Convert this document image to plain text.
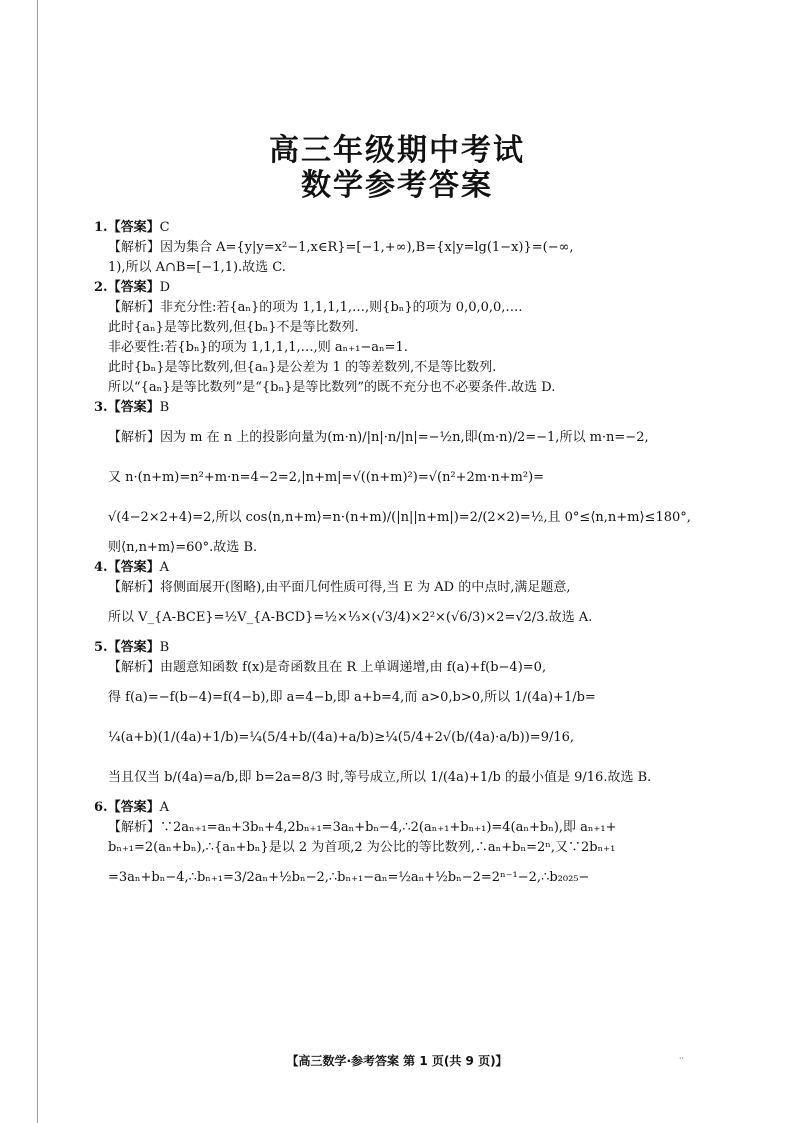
高三年级期中考试
数学参考答案
1.【答案】C
【解析】因为集合 A={y|y=x²−1,x∈R}=[−1,+∞),B={x|y=lg(1−x)}=(−∞,
1),所以 A∩B=[−1,1).故选 C.
2.【答案】D
【解析】非充分性:若{aₙ}的项为 1,1,1,1,…,则{bₙ}的项为 0,0,0,0,….
此时{aₙ}是等比数列,但{bₙ}不是等比数列.
非必要性:若{bₙ}的项为 1,1,1,1,…,则 aₙ₊₁−aₙ=1.
此时{bₙ}是等比数列,但{aₙ}是公差为 1 的等差数列,不是等比数列.
所以“{aₙ}是等比数列”是“{bₙ}是等比数列”的既不充分也不必要条件.故选 D.
3.【答案】B
【解析】因为 m 在 n 上的投影向量为(m·n)/|n|·n/|n|=−½n,即(m·n)/2=−1,所以 m·n=−2,
又 n·(n+m)=n²+m·n=4−2=2,|n+m|=√((n+m)²)=√(n²+2m·n+m²)=
√(4−2×2+4)=2,所以 cos⟨n,n+m⟩=n·(n+m)/(|n||n+m|)=2/(2×2)=½,且 0°≤⟨n,n+m⟩≤180°,
则⟨n,n+m⟩=60°.故选 B.
4.【答案】A
【解析】将侧面展开(图略),由平面几何性质可得,当 E 为 AD 的中点时,满足题意,
所以 V_{A-BCE}=½V_{A-BCD}=½×⅓×(√3/4)×2²×(√6/3)×2=√2/3.故选 A.
5.【答案】B
【解析】由题意知函数 f(x)是奇函数且在 R 上单调递增,由 f(a)+f(b−4)=0,
得 f(a)=−f(b−4)=f(4−b),即 a=4−b,即 a+b=4,而 a>0,b>0,所以 1/(4a)+1/b=
¼(a+b)(1/(4a)+1/b)=¼(5/4+b/(4a)+a/b)≥¼(5/4+2√(b/(4a)·a/b))=9/16,
当且仅当 b/(4a)=a/b,即 b=2a=8/3 时,等号成立,所以 1/(4a)+1/b 的最小值是 9/16.故选 B.
6.【答案】A
【解析】∵2aₙ₊₁=aₙ+3bₙ+4,2bₙ₊₁=3aₙ+bₙ−4,∴2(aₙ₊₁+bₙ₊₁)=4(aₙ+bₙ),即 aₙ₊₁+
bₙ₊₁=2(aₙ+bₙ),∴{aₙ+bₙ}是以 2 为首项,2 为公比的等比数列,∴aₙ+bₙ=2ⁿ,又∵2bₙ₊₁
=3aₙ+bₙ−4,∴bₙ₊₁=3/2aₙ+½bₙ−2,∴bₙ₊₁−aₙ=½aₙ+½bₙ−2=2ⁿ⁻¹−2,∴b₂₀₂₅−
【高三数学·参考答案 第 1 页(共 9 页)】	··
